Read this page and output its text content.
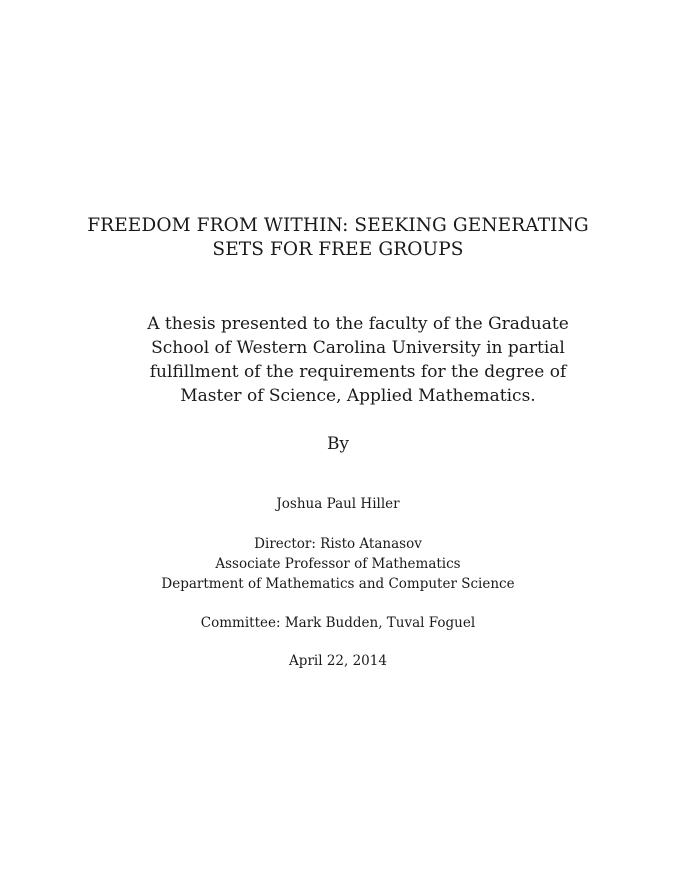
FREEDOM FROM WITHIN: SEEKING GENERATING
SETS FOR FREE GROUPS
A thesis presented to the faculty of the Graduate School of Western Carolina University in partial fulfillment of the requirements for the degree of Master of Science, Applied Mathematics.
By
Joshua Paul Hiller
Director: Risto Atanasov
Associate Professor of Mathematics
Department of Mathematics and Computer Science
Committee: Mark Budden, Tuval Foguel
April 22, 2014
